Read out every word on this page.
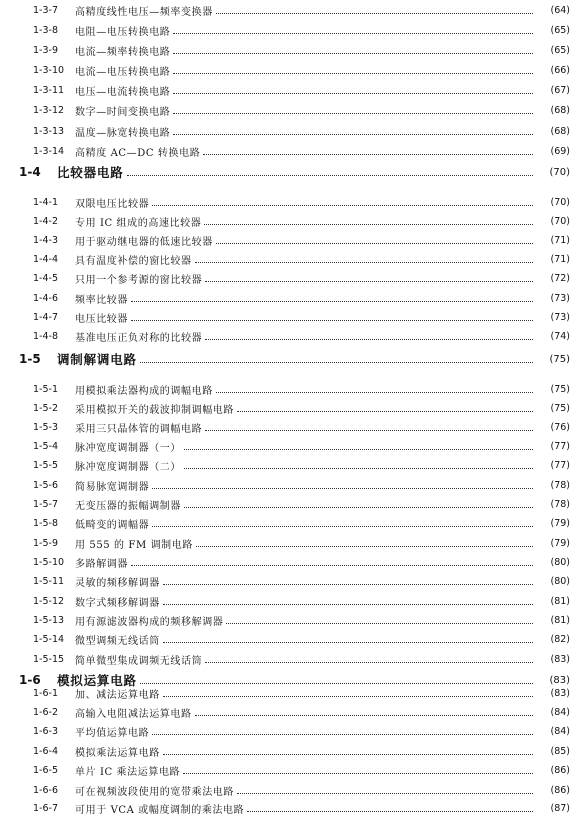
1-3-7	高精度线性电压—频率变换器	(64)
1-3-8	电阻—电压转换电路	(65)
1-3-9	电流—频率转换电路	(65)
1-3-10	电流—电压转换电路	(66)
1-3-11	电压—电流转换电路	(67)
1-3-12	数字—时间变换电路	(68)
1-3-13	温度—脉宽转换电路	(68)
1-3-14	高精度 AC—DC 转换电路	(69)
1-4	比较器电路	(70)
1-4-1	双限电压比较器	(70)
1-4-2	专用 IC 组成的高速比较器	(70)
1-4-3	用于驱动继电器的低速比较器	(71)
1-4-4	具有温度补偿的窗比较器	(71)
1-4-5	只用一个参考源的窗比较器	(72)
1-4-6	频率比较器	(73)
1-4-7	电压比较器	(73)
1-4-8	基准电压正负对称的比较器	(74)
1-5	调制解调电路	(75)
1-5-1	用模拟乘法器构成的调幅电路	(75)
1-5-2	采用模拟开关的载波抑制调幅电路	(75)
1-5-3	采用三只晶体管的调幅电路	(76)
1-5-4	脉冲宽度调制器（一）	(77)
1-5-5	脉冲宽度调制器（二）	(77)
1-5-6	简易脉宽调制器	(78)
1-5-7	无变压器的振幅调制器	(78)
1-5-8	低畸变的调幅器	(79)
1-5-9	用 555 的 FM 调制电路	(79)
1-5-10	多路解调器	(80)
1-5-11	灵敏的频移解调器	(80)
1-5-12	数字式频移解调器	(81)
1-5-13	用有源滤波器构成的频移解调器	(81)
1-5-14	微型调频无线话筒	(82)
1-5-15	简单微型集成调频无线话筒	(83)
1-6	模拟运算电路	(83)
1-6-1	加、减法运算电路	(83)
1-6-2	高输入电阻减法运算电路	(84)
1-6-3	平均值运算电路	(84)
1-6-4	模拟乘法运算电路	(85)
1-6-5	单片 IC 乘法运算电路	(86)
1-6-6	可在视频波段使用的宽带乘法电路	(86)
1-6-7	可用于 VCA 或幅度调制的乘法电路	(87)
